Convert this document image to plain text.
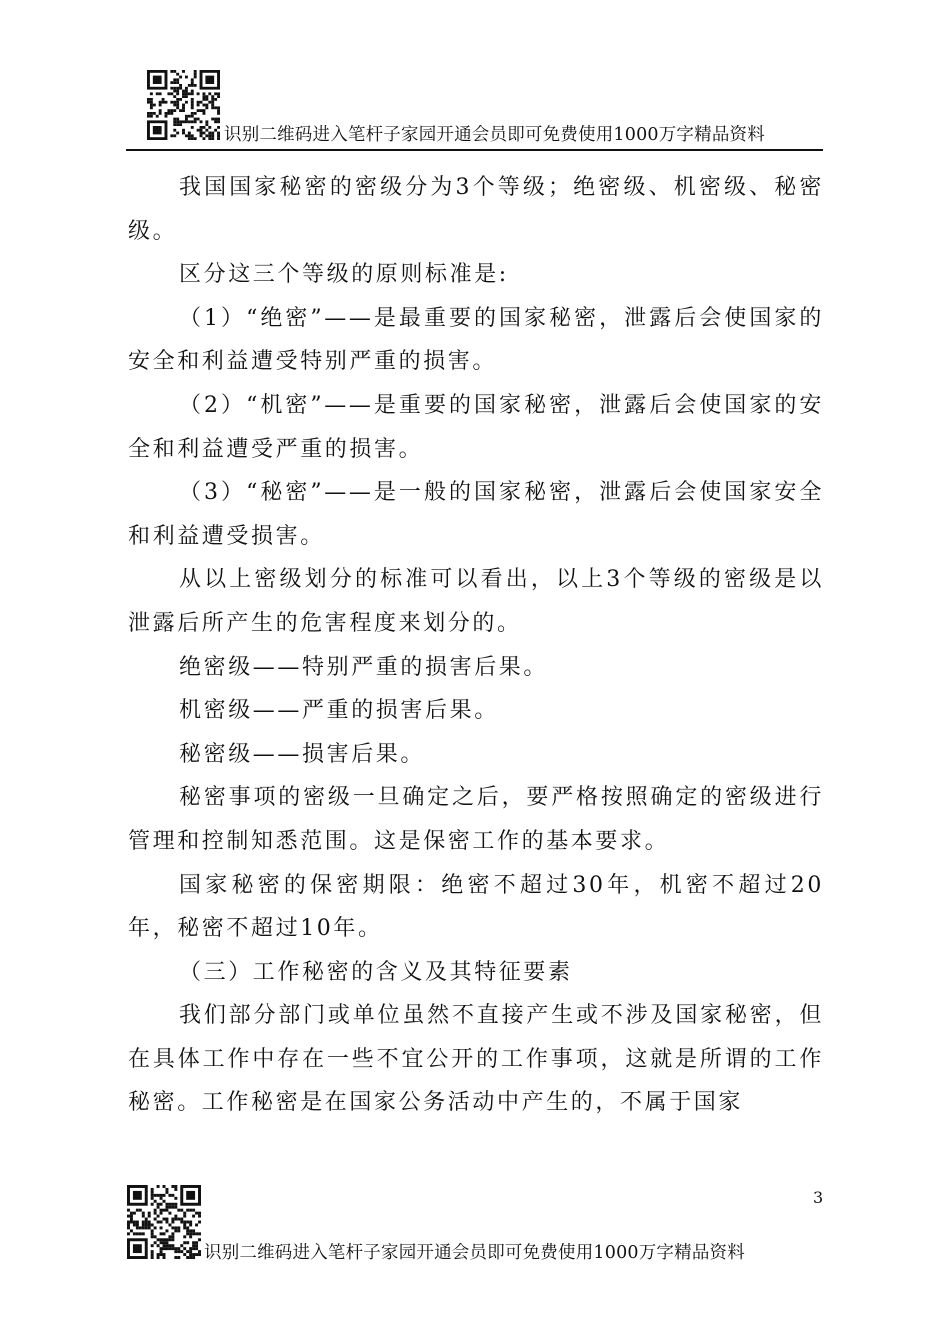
识别二维码进入笔杆子家园开通会员即可免费使用1000万字精品资料

我国国家秘密的密级分为3个等级；绝密级、机密级、秘密级。

区分这三个等级的原则标准是:

（1）“绝密”——是最重要的国家秘密，泄露后会使国家的安全和利益遭受特别严重的损害。

（2）“机密”——是重要的国家秘密，泄露后会使国家的安全和利益遭受严重的损害。

（3）“秘密”——是一般的国家秘密，泄露后会使国家安全和利益遭受损害。

从以上密级划分的标准可以看出，以上3个等级的密级是以泄露后所产生的危害程度来划分的。

绝密级——特别严重的损害后果。

机密级——严重的损害后果。

秘密级——损害后果。

秘密事项的密级一旦确定之后，要严格按照确定的密级进行管理和控制知悉范围。这是保密工作的基本要求。

国家秘密的保密期限：绝密不超过30年，机密不超过20年，秘密不超过10年。

（三）工作秘密的含义及其特征要素

我们部分部门或单位虽然不直接产生或不涉及国家秘密，但在具体工作中存在一些不宜公开的工作事项，这就是所谓的工作秘密。工作秘密是在国家公务活动中产生的，不属于国家

3
识别二维码进入笔杆子家园开通会员即可免费使用1000万字精品资料
